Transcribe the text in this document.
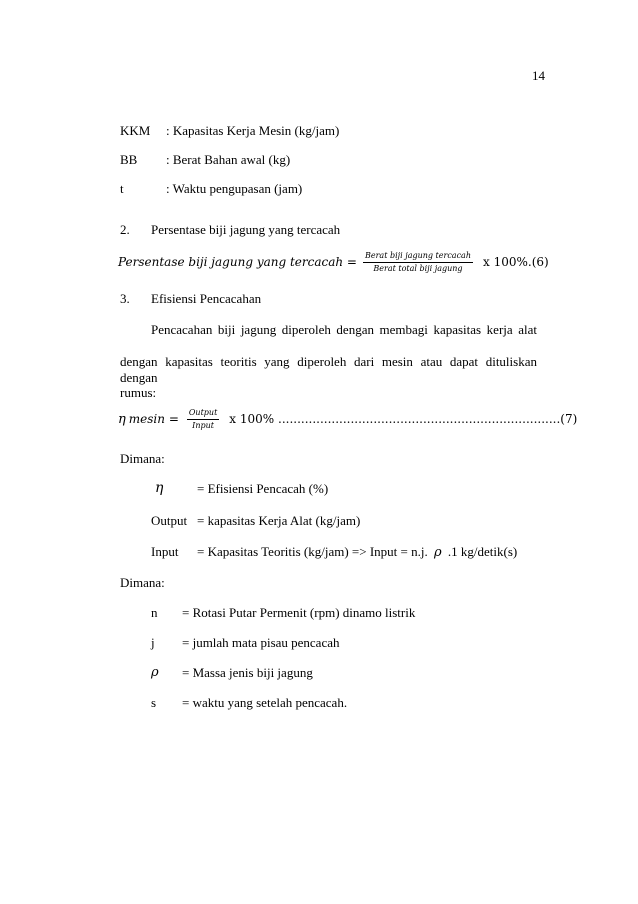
14
KKM : Kapasitas Kerja Mesin (kg/jam)
BB : Berat Bahan awal (kg)
t	: Waktu pengupasan (jam)
2. Persentase biji jagung yang tercacah
Persentase biji jagung yang tercacah = $\frac{\text{Berat biji jagung tercacah}}{\text{Berat total biji jagung}}$ x 100%.(6)
3. Efisiensi Pencacahan
Pencacahan biji jagung diperoleh dengan membagi kapasitas kerja alat
dengan kapasitas teoritis yang diperoleh dari mesin atau dapat dituliskan dengan
rumus:
η $mesin = \frac{\text{Output}}{\text{Input}}$ x 100% ..........................................................................(7)
Dimana:
η	= Efisiensi Pencacah (%)
Output = kapasitas Kerja Alat (kg/jam)
Input = Kapasitas Teoritis (kg/jam) => Input = n.j. ρ .1 kg/detik(s)
Dimana:
n = Rotasi Putar Permenit (rpm) dinamo listrik
j = jumlah mata pisau pencacah
ρ = Massa jenis biji jagung
s = waktu yang setelah pencacah.
